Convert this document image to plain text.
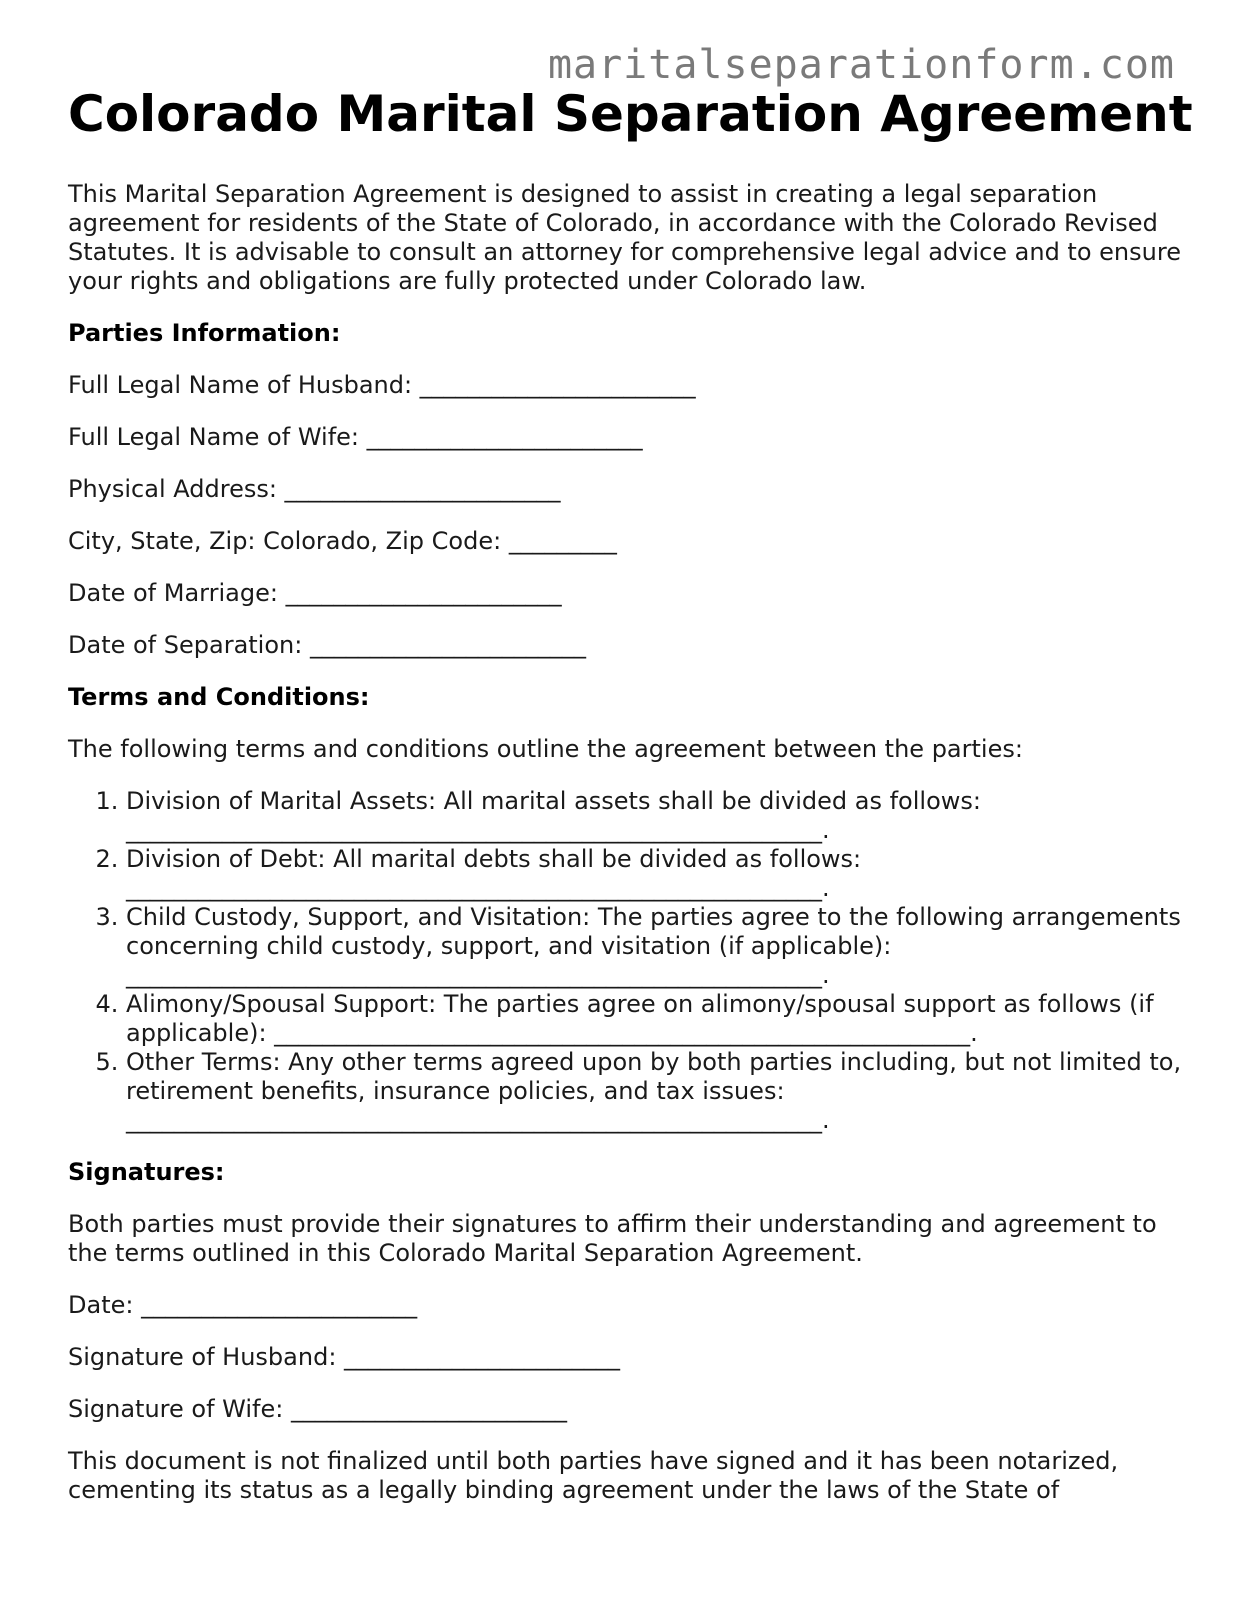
maritalseparationform.com
Colorado Marital Separation Agreement

This Marital Separation Agreement is designed to assist in creating a legal separation agreement for residents of the State of Colorado, in accordance with the Colorado Revised Statutes. It is advisable to consult an attorney for comprehensive legal advice and to ensure your rights and obligations are fully protected under Colorado law.

Parties Information:

Full Legal Name of Husband: _______________________
Full Legal Name of Wife: _______________________
Physical Address: _______________________
City, State, Zip: Colorado, Zip Code: _________
Date of Marriage: _______________________
Date of Separation: _______________________

Terms and Conditions:

The following terms and conditions outline the agreement between the parties:

1. Division of Marital Assets: All marital assets shall be divided as follows: __________________________________________________________.
2. Division of Debt: All marital debts shall be divided as follows: __________________________________________________________.
3. Child Custody, Support, and Visitation: The parties agree to the following arrangements concerning child custody, support, and visitation (if applicable): __________________________________________________________.
4. Alimony/Spousal Support: The parties agree on alimony/spousal support as follows (if applicable): __________________________________________________________.
5. Other Terms: Any other terms agreed upon by both parties including, but not limited to, retirement benefits, insurance policies, and tax issues: __________________________________________________________.

Signatures:

Both parties must provide their signatures to affirm their understanding and agreement to the terms outlined in this Colorado Marital Separation Agreement.

Date: _______________________
Signature of Husband: _______________________
Signature of Wife: _______________________

This document is not finalized until both parties have signed and it has been notarized, cementing its status as a legally binding agreement under the laws of the State of
